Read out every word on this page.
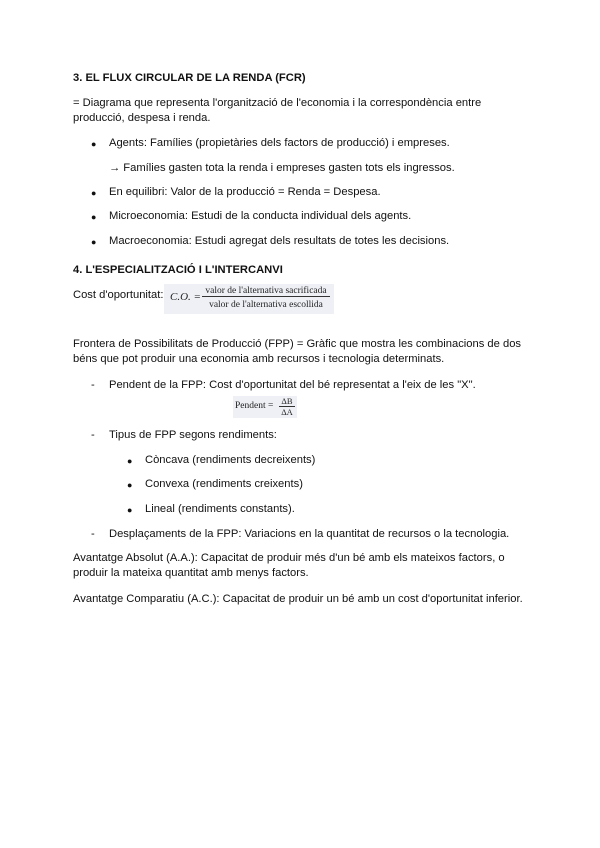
3. EL FLUX CIRCULAR DE LA RENDA (FCR)
= Diagrama que representa l'organització de l'economia i la correspondència entre
producció, despesa i renda.
● Agents: Famílies (propietàries dels factors de producció) i empreses.
→ Famílies gasten tota la renda i empreses gasten tots els ingressos.
● En equilibri: Valor de la producció = Renda = Despesa.
● Microeconomia: Estudi de la conducta individual dels agents.
● Macroeconomia: Estudi agregat dels resultats de totes les decisions.
4. L'ESPECIALITZACIÓ I L'INTERCANVI
Cost d'oportunitat: C.O. = valor de l'alternativa sacrificada
valor de l'alternativa escollida
Frontera de Possibilitats de Producció (FPP) = Gràfic que mostra les combinacions de dos
béns que pot produir una economia amb recursos i tecnologia determinats.
- Pendent de la FPP: Cost d'oportunitat del bé representat a l'eix de les "X".
Pendent = ΔB
ΔA
- Tipus de FPP segons rendiments:
● Còncava (rendiments decreixents)
● Convexa (rendiments creixents)
● Lineal (rendiments constants).
- Desplaçaments de la FPP: Variacions en la quantitat de recursos o la tecnologia.
Avantatge Absolut (A.A.): Capacitat de produir més d'un bé amb els mateixos factors, o
produir la mateixa quantitat amb menys factors.
Avantatge Comparatiu (A.C.): Capacitat de produir un bé amb un cost d'oportunitat inferior.
